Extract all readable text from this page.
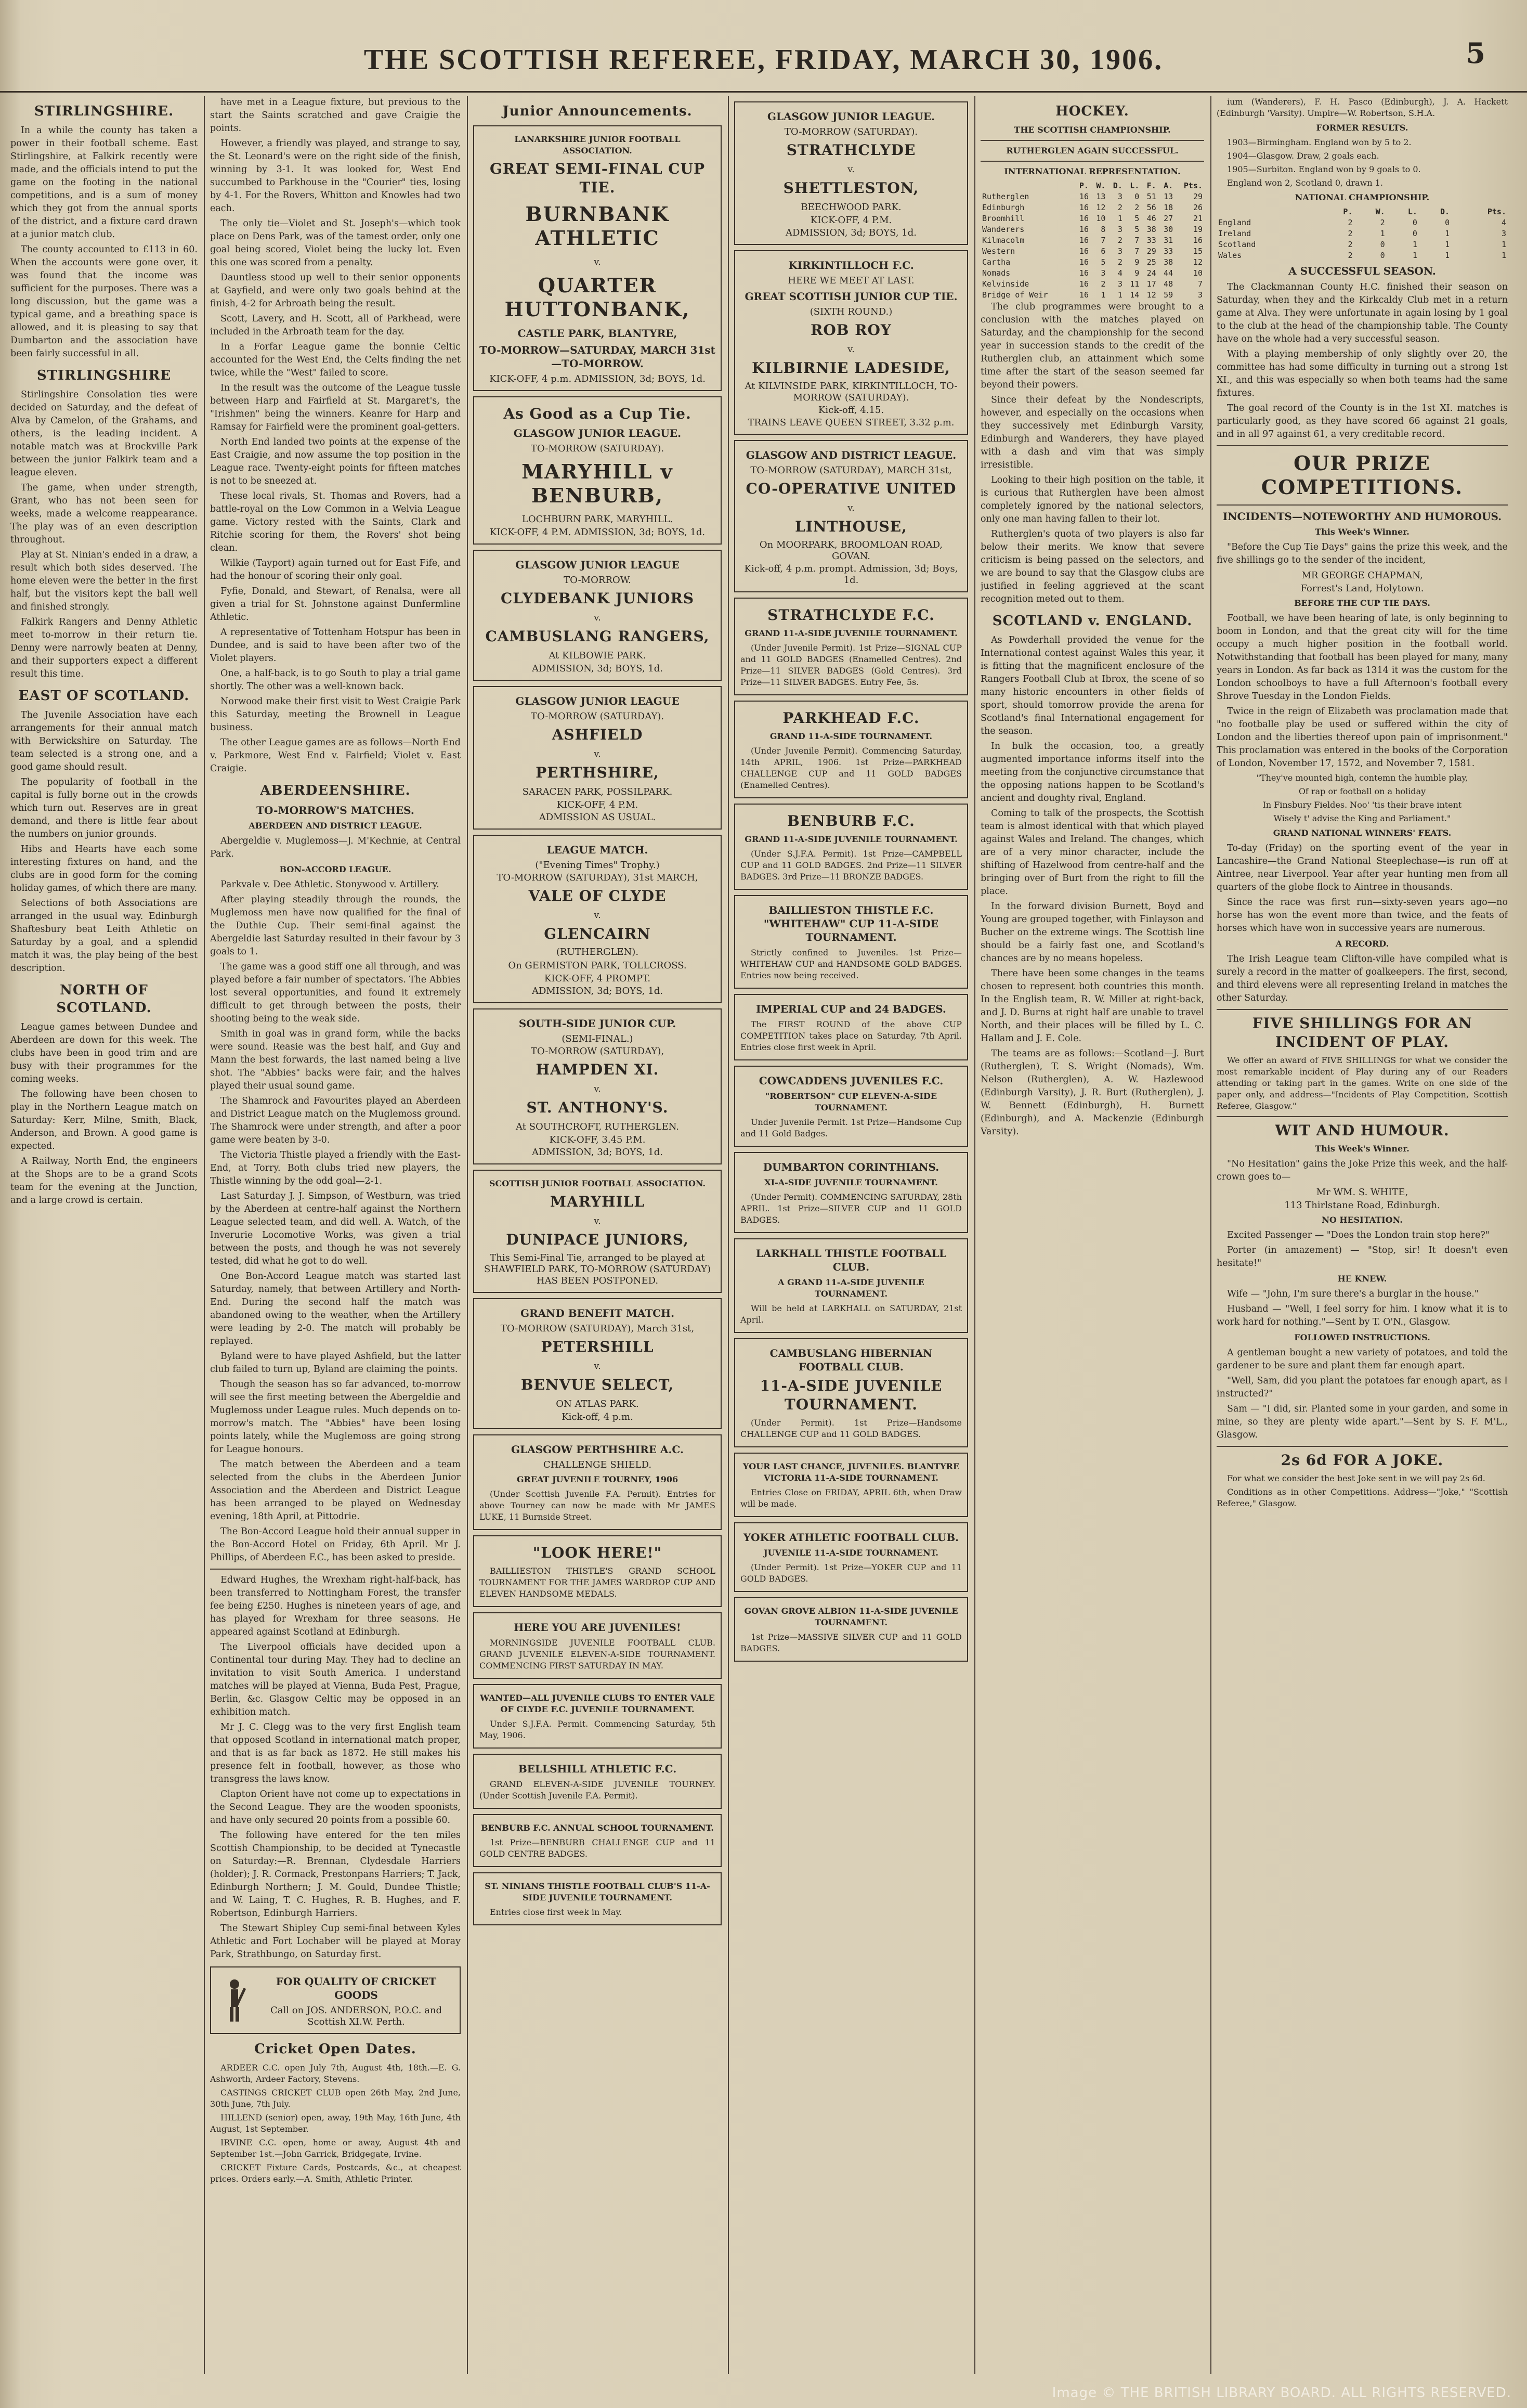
THE SCOTTISH REFEREE, FRIDAY, MARCH 30, 1906.	5
STIRLINGSHIRE.

In a while the county has taken a power in their football scheme. East Stirlingshire, at Falkirk recently were made, and the officials intend to put the game on the footing in the national competitions, and is a sum of money which they got from the annual sports of the district, and a fixture card drawn at a junior match club.

The county accounted to £113 in 60. When the accounts were gone over, it was found that the income was sufficient for the purposes. There was a long discussion, but the game was a typical game, and a breathing space is allowed, and it is pleasing to say that Dumbarton and the association have been fairly successful in all.

STIRLINGSHIRE

Stirlingshire Consolation ties were decided on Saturday, and the defeat of Alva by Camelon, of the Grahams, and others, is the leading incident. A notable match was at Brockville Park between the junior Falkirk team and a league eleven.

The game, when under strength, Grant, who has not been seen for weeks, made a welcome reappearance. The play was of an even description throughout.

Play at St. Ninian's ended in a draw, a result which both sides deserved. The home eleven were the better in the first half, but the visitors kept the ball well and finished strongly.

Falkirk Rangers and Denny Athletic meet to-morrow in their return tie. Denny were narrowly beaten at Denny, and their supporters expect a different result this time.

EAST OF SCOTLAND.

The Juvenile Association have each arrangements for their annual match with Berwickshire on Saturday. The team selected is a strong one, and a good game should result.

The popularity of football in the capital is fully borne out in the crowds which turn out. Reserves are in great demand, and there is little fear about the numbers on junior grounds.

Hibs and Hearts have each some interesting fixtures on hand, and the clubs are in good form for the coming holiday games, of which there are many.

Selections of both Associations are arranged in the usual way. Edinburgh Shaftesbury beat Leith Athletic on Saturday by a goal, and a splendid match it was, the play being of the best description.

NORTH OF SCOTLAND.

League games between Dundee and Aberdeen are down for this week. The clubs have been in good trim and are busy with their programmes for the coming weeks.

The following have been chosen to play in the Northern League match on Saturday: Kerr, Milne, Smith, Black, Anderson, and Brown. A good game is expected.

A Railway, North End, the engineers at the Shops are to be a grand Scots team for the evening at the Junction, and a large crowd is certain.

have met in a League fixture, but previous to the start the Saints scratched and gave Craigie the points.

However, a friendly was played, and strange to say, the St. Leonard's were on the right side of the finish, winning by 3-1. It was looked for, West End succumbed to Parkhouse in the "Courier" ties, losing by 4-1. For the Rovers, Whitton and Knowles had two each.

The only tie—Violet and St. Joseph's—which took place on Dens Park, was of the tamest order, only one goal being scored, Violet being the lucky lot. Even this one was scored from a penalty.

Dauntless stood up well to their senior opponents at Gayfield, and were only two goals behind at the finish, 4-2 for Arbroath being the result.

Scott, Lavery, and H. Scott, all of Parkhead, were included in the Arbroath team for the day.

In a Forfar League game the bonnie Celtic accounted for the West End, the Celts finding the net twice, while the "West" failed to score.

In the result was the outcome of the League tussle between Harp and Fairfield at St. Margaret's, the "Irishmen" being the winners. Keanre for Harp and Ramsay for Fairfield were the prominent goal-getters.

North End landed two points at the expense of the East Craigie, and now assume the top position in the League race. Twenty-eight points for fifteen matches is not to be sneezed at.

These local rivals, St. Thomas and Rovers, had a battle-royal on the Low Common in a Welvia League game. Victory rested with the Saints, Clark and Ritchie scoring for them, the Rovers' shot being clean.

Wilkie (Tayport) again turned out for East Fife, and had the honour of scoring their only goal.

Fyfie, Donald, and Stewart, of Renalsa, were all given a trial for St. Johnstone against Dunfermline Athletic.

A representative of Tottenham Hotspur has been in Dundee, and is said to have been after two of the Violet players.

One, a half-back, is to go South to play a trial game shortly. The other was a well-known back.

Norwood make their first visit to West Craigie Park this Saturday, meeting the Brownell in League business.

The other League games are as follows—North End v. Parkmore, West End v. Fairfield; Violet v. East Craigie.

ABERDEENSHIRE.
TO-MORROW'S MATCHES.
ABERDEEN AND DISTRICT LEAGUE.

Abergeldie v. Muglemoss—J. M'Kechnie, at Central Park.

BON-ACCORD LEAGUE.

Parkvale v. Dee Athletic. Stonywood v. Artillery.

After playing steadily through the rounds, the Muglemoss men have now qualified for the final of the Duthie Cup. Their semi-final against the Abergeldie last Saturday resulted in their favour by 3 goals to 1.

The game was a good stiff one all through, and was played before a fair number of spectators. The Abbies lost several opportunities, and found it extremely difficult to get through between the posts, their shooting being to the weak side.

Smith in goal was in grand form, while the backs were sound. Reasie was the best half, and Guy and Mann the best forwards, the last named being a live shot. The "Abbies" backs were fair, and the halves played their usual sound game.

The Shamrock and Favourites played an Aberdeen and District League match on the Muglemoss ground. The Shamrock were under strength, and after a poor game were beaten by 3-0.

The Victoria Thistle played a friendly with the East-End, at Torry. Both clubs tried new players, the Thistle winning by the odd goal—2-1.

Last Saturday J. J. Simpson, of Westburn, was tried by the Aberdeen at centre-half against the Northern League selected team, and did well. A. Watch, of the Inverurie Locomotive Works, was given a trial between the posts, and though he was not severely tested, did what he got to do well.

One Bon-Accord League match was started last Saturday, namely, that between Artillery and North-End. During the second half the match was abandoned owing to the weather, when the Artillery were leading by 2-0. The match will probably be replayed.

Byland were to have played Ashfield, but the latter club failed to turn up, Byland are claiming the points.

Though the season has so far advanced, to-morrow will see the first meeting between the Abergeldie and Muglemoss under League rules. Much depends on to-morrow's match. The "Abbies" have been losing points lately, while the Muglemoss are going strong for League honours.

The match between the Aberdeen and a team selected from the clubs in the Aberdeen Junior Association and the Aberdeen and District League has been arranged to be played on Wednesday evening, 18th April, at Pittodrie.

The Bon-Accord League hold their annual supper in the Bon-Accord Hotel on Friday, 6th April. Mr J. Phillips, of Aberdeen F.C., has been asked to preside.

Edward Hughes, the Wrexham right-half-back, has been transferred to Nottingham Forest, the transfer fee being £250. Hughes is nineteen years of age, and has played for Wrexham for three seasons. He appeared against Scotland at Edinburgh.

The Liverpool officials have decided upon a Continental tour during May. They had to decline an invitation to visit South America. I understand matches will be played at Vienna, Buda Pest, Prague, Berlin, &c. Glasgow Celtic may be opposed in an exhibition match.

Mr J. C. Clegg was to the very first English team that opposed Scotland in international match proper, and that is as far back as 1872. He still makes his presence felt in football, however, as those who transgress the laws know.

Clapton Orient have not come up to expectations in the Second League. They are the wooden spoonists, and have only secured 20 points from a possible 60.

The following have entered for the ten miles Scottish Championship, to be decided at Tynecastle on Saturday:—R. Brennan, Clydesdale Harriers (holder); J. R. Cormack, Prestonpans Harriers; T. Jack, Edinburgh Northern; J. M. Gould, Dundee Thistle; and W. Laing, T. C. Hughes, R. B. Hughes, and F. Robertson, Edinburgh Harriers.

The Stewart Shipley Cup semi-final between Kyles Athletic and Fort Lochaber will be played at Moray Park, Strathbungo, on Saturday first.

FOR QUALITY OF CRICKET GOODS
Call on JOS. ANDERSON, P.O.C. and Scottish XI.W. Perth.
Cricket Open Dates.

ARDEER C.C. open July 7th, August 4th, 18th.—E. G. Ashworth, Ardeer Factory, Stevens.

CASTINGS CRICKET CLUB open 26th May, 2nd June, 30th June, 7th July.

HILLEND (senior) open, away, 19th May, 16th June, 4th August, 1st September.

IRVINE C.C. open, home or away, August 4th and September 1st.—John Garrick, Bridgegate, Irvine.

CRICKET Fixture Cards, Postcards, &c., at cheapest prices. Orders early.—A. Smith, Athletic Printer.

Junior Announcements.
LANARKSHIRE JUNIOR FOOTBALL ASSOCIATION.
GREAT SEMI-FINAL CUP TIE.
BURNBANK ATHLETIC
v.
QUARTER HUTTONBANK,
CASTLE PARK, BLANTYRE,
TO-MORROW—SATURDAY, MARCH 31st—TO-MORROW.
KICK-OFF, 4 p.m. ADMISSION, 3d; BOYS, 1d.
As Good as a Cup Tie.
GLASGOW JUNIOR LEAGUE.
TO-MORROW (SATURDAY).
MARYHILL v BENBURB,
LOCHBURN PARK, MARYHILL.
KICK-OFF, 4 P.M. ADMISSION, 3d; BOYS, 1d.
GLASGOW JUNIOR LEAGUE
TO-MORROW.
CLYDEBANK JUNIORS
v.
CAMBUSLANG RANGERS,
At KILBOWIE PARK.
ADMISSION, 3d; BOYS, 1d.
GLASGOW JUNIOR LEAGUE
TO-MORROW (SATURDAY).
ASHFIELD
v.
PERTHSHIRE,
SARACEN PARK, POSSILPARK.
KICK-OFF, 4 P.M.
ADMISSION AS USUAL.
LEAGUE MATCH.
("Evening Times" Trophy.)
TO-MORROW (SATURDAY), 31st MARCH,
VALE OF CLYDE
v.
GLENCAIRN
(RUTHERGLEN).
On GERMISTON PARK, TOLLCROSS.
KICK-OFF, 4 PROMPT.
ADMISSION, 3d; BOYS, 1d.
SOUTH-SIDE JUNIOR CUP.
(SEMI-FINAL.)
TO-MORROW (SATURDAY),
HAMPDEN XI.
v.
ST. ANTHONY'S.
At SOUTHCROFT, RUTHERGLEN.
KICK-OFF, 3.45 P.M.
ADMISSION, 3d; BOYS, 1d.
SCOTTISH JUNIOR FOOTBALL ASSOCIATION.
MARYHILL
v.
DUNIPACE JUNIORS,
This Semi-Final Tie, arranged to be played at SHAWFIELD PARK, TO-MORROW (SATURDAY) HAS BEEN POSTPONED.
GRAND BENEFIT MATCH.
TO-MORROW (SATURDAY), March 31st,
PETERSHILL
v.
BENVUE SELECT,
ON ATLAS PARK.
Kick-off, 4 p.m.
GLASGOW PERTHSHIRE A.C.
CHALLENGE SHIELD.
GREAT JUVENILE TOURNEY, 1906

(Under Scottish Juvenile F.A. Permit). Entries for above Tourney can now be made with Mr JAMES LUKE, 11 Burnside Street.

"LOOK HERE!"

BAILLIESTON THISTLE'S GRAND SCHOOL TOURNAMENT FOR THE JAMES WARDROP CUP AND ELEVEN HANDSOME MEDALS.

HERE YOU ARE JUVENILES!

MORNINGSIDE JUVENILE FOOTBALL CLUB. GRAND JUVENILE ELEVEN-A-SIDE TOURNAMENT. COMMENCING FIRST SATURDAY IN MAY.

WANTED—ALL JUVENILE CLUBS TO ENTER VALE OF CLYDE F.C. JUVENILE TOURNAMENT.

Under S.J.F.A. Permit. Commencing Saturday, 5th May, 1906.

BELLSHILL ATHLETIC F.C.

GRAND ELEVEN-A-SIDE JUVENILE TOURNEY. (Under Scottish Juvenile F.A. Permit).

BENBURB F.C. ANNUAL SCHOOL TOURNAMENT.

1st Prize—BENBURB CHALLENGE CUP and 11 GOLD CENTRE BADGES.

ST. NINIANS THISTLE FOOTBALL CLUB'S 11-A-SIDE JUVENILE TOURNAMENT.

Entries close first week in May.

GLASGOW JUNIOR LEAGUE.
TO-MORROW (SATURDAY).
STRATHCLYDE
v.
SHETTLESTON,
BEECHWOOD PARK.
KICK-OFF, 4 P.M.
ADMISSION, 3d; BOYS, 1d.
KIRKINTILLOCH F.C.
HERE WE MEET AT LAST.
GREAT SCOTTISH JUNIOR CUP TIE.
(SIXTH ROUND.)
ROB ROY
v.
KILBIRNIE LADESIDE,
At KILVINSIDE PARK, KIRKINTILLOCH, TO-MORROW (SATURDAY).
Kick-off, 4.15.
TRAINS LEAVE QUEEN STREET, 3.32 p.m.
GLASGOW AND DISTRICT LEAGUE.
TO-MORROW (SATURDAY), MARCH 31st,
CO-OPERATIVE UNITED
v.
LINTHOUSE,
On MOORPARK, BROOMLOAN ROAD, GOVAN.
Kick-off, 4 p.m. prompt. Admission, 3d; Boys, 1d.
STRATHCLYDE F.C.
GRAND 11-A-SIDE JUVENILE TOURNAMENT.

(Under Juvenile Permit). 1st Prize—SIGNAL CUP and 11 GOLD BADGES (Enamelled Centres). 2nd Prize—11 SILVER BADGES (Gold Centres). 3rd Prize—11 SILVER BADGES. Entry Fee, 5s.

PARKHEAD F.C.
GRAND 11-A-SIDE TOURNAMENT.

(Under Juvenile Permit). Commencing Saturday, 14th APRIL, 1906. 1st Prize—PARKHEAD CHALLENGE CUP and 11 GOLD BADGES (Enamelled Centres).

BENBURB F.C.
GRAND 11-A-SIDE JUVENILE TOURNAMENT.

(Under S.J.F.A. Permit). 1st Prize—CAMPBELL CUP and 11 GOLD BADGES. 2nd Prize—11 SILVER BADGES. 3rd Prize—11 BRONZE BADGES.

BAILLIESTON THISTLE F.C. "WHITEHAW" CUP 11-A-SIDE TOURNAMENT.

Strictly confined to Juveniles. 1st Prize—WHITEHAW CUP and HANDSOME GOLD BADGES. Entries now being received.

IMPERIAL CUP and 24 BADGES.

The FIRST ROUND of the above CUP COMPETITION takes place on Saturday, 7th April. Entries close first week in April.

COWCADDENS JUVENILES F.C.
"ROBERTSON" CUP ELEVEN-A-SIDE TOURNAMENT.

Under Juvenile Permit. 1st Prize—Handsome Cup and 11 Gold Badges.

DUMBARTON CORINTHIANS.
XI-A-SIDE JUVENILE TOURNAMENT.

(Under Permit). COMMENCING SATURDAY, 28th APRIL. 1st Prize—SILVER CUP and 11 GOLD BADGES.

LARKHALL THISTLE FOOTBALL CLUB.
A GRAND 11-A-SIDE JUVENILE TOURNAMENT.

Will be held at LARKHALL on SATURDAY, 21st April.

CAMBUSLANG HIBERNIAN FOOTBALL CLUB.
11-A-SIDE JUVENILE TOURNAMENT.

(Under Permit). 1st Prize—Handsome CHALLENGE CUP and 11 GOLD BADGES.

YOUR LAST CHANCE, JUVENILES. BLANTYRE VICTORIA 11-A-SIDE TOURNAMENT.

Entries Close on FRIDAY, APRIL 6th, when Draw will be made.

YOKER ATHLETIC FOOTBALL CLUB.
JUVENILE 11-A-SIDE TOURNAMENT.

(Under Permit). 1st Prize—YOKER CUP and 11 GOLD BADGES.

GOVAN GROVE ALBION 11-A-SIDE JUVENILE TOURNAMENT.

1st Prize—MASSIVE SILVER CUP and 11 GOLD BADGES.

HOCKEY.
THE SCOTTISH CHAMPIONSHIP.
RUTHERGLEN AGAIN SUCCESSFUL.
INTERNATIONAL REPRESENTATION.
	P.	W.	D.	L.	F.	A.	Pts.
Rutherglen	16	13	3	0	51	13	29
Edinburgh	16	12	2	2	56	18	26
Broomhill	16	10	1	5	46	27	21
Wanderers	16	8	3	5	38	30	19
Kilmacolm	16	7	2	7	33	31	16
Western	16	6	3	7	29	33	15
Cartha	16	5	2	9	25	38	12
Nomads	16	3	4	9	24	44	10
Kelvinside	16	2	3	11	17	48	7
Bridge of Weir	16	1	1	14	12	59	3

The club programmes were brought to a conclusion with the matches played on Saturday, and the championship for the second year in succession stands to the credit of the Rutherglen club, an attainment which some time after the start of the season seemed far beyond their powers.

Since their defeat by the Nondescripts, however, and especially on the occasions when they successively met Edinburgh Varsity, Edinburgh and Wanderers, they have played with a dash and vim that was simply irresistible.

Looking to their high position on the table, it is curious that Rutherglen have been almost completely ignored by the national selectors, only one man having fallen to their lot.

Rutherglen's quota of two players is also far below their merits. We know that severe criticism is being passed on the selectors, and we are bound to say that the Glasgow clubs are justified in feeling aggrieved at the scant recognition meted out to them.

SCOTLAND v. ENGLAND.

As Powderhall provided the venue for the International contest against Wales this year, it is fitting that the magnificent enclosure of the Rangers Football Club at Ibrox, the scene of so many historic encounters in other fields of sport, should tomorrow provide the arena for Scotland's final International engagement for the season.

In bulk the occasion, too, a greatly augmented importance informs itself into the meeting from the conjunctive circumstance that the opposing nations happen to be Scotland's ancient and doughty rival, England.

Coming to talk of the prospects, the Scottish team is almost identical with that which played against Wales and Ireland. The changes, which are of a very minor character, include the shifting of Hazelwood from centre-half and the bringing over of Burt from the right to fill the place.

In the forward division Burnett, Boyd and Young are grouped together, with Finlayson and Bucher on the extreme wings. The Scottish line should be a fairly fast one, and Scotland's chances are by no means hopeless.

There have been some changes in the teams chosen to represent both countries this month. In the English team, R. W. Miller at right-back, and J. D. Burns at right half are unable to travel North, and their places will be filled by L. C. Hallam and J. E. Cole.

The teams are as follows:—Scotland—J. Burt (Rutherglen), T. S. Wright (Nomads), Wm. Nelson (Rutherglen), A. W. Hazlewood (Edinburgh Varsity), J. R. Burt (Rutherglen), J. W. Bennett (Edinburgh), H. Burnett (Edinburgh), and A. Mackenzie (Edinburgh Varsity).

ium (Wanderers), F. H. Pasco (Edinburgh), J. A. Hackett (Edinburgh 'Varsity). Umpire—W. Robertson, S.H.A.

FORMER RESULTS.

1903—Birmingham. England won by 5 to 2.

1904—Glasgow. Draw, 2 goals each.

1905—Surbiton. England won by 9 goals to 0.

England won 2, Scotland 0, drawn 1.

NATIONAL CHAMPIONSHIP.
	P.	W.	L.	D.	Pts.
England	2	2	0	0	4
Ireland	2	1	0	1	3
Scotland	2	0	1	1	1
Wales	2	0	1	1	1
A SUCCESSFUL SEASON.

The Clackmannan County H.C. finished their season on Saturday, when they and the Kirkcaldy Club met in a return game at Alva. They were unfortunate in again losing by 1 goal to the club at the head of the championship table. The County have on the whole had a very successful season.

With a playing membership of only slightly over 20, the committee has had some difficulty in turning out a strong 1st XI., and this was especially so when both teams had the same fixtures.

The goal record of the County is in the 1st XI. matches is particularly good, as they have scored 66 against 21 goals, and in all 97 against 61, a very creditable record.

OUR PRIZE COMPETITIONS.
INCIDENTS—NOTEWORTHY AND HUMOROUS.
This Week's Winner.

"Before the Cup Tie Days" gains the prize this week, and the five shillings go to the sender of the incident,

MR GEORGE CHAPMAN,
Forrest's Land, Holytown.
BEFORE THE CUP TIE DAYS.

Football, we have been hearing of late, is only beginning to boom in London, and that the great city will for the time occupy a much higher position in the football world. Notwithstanding that football has been played for many, many years in London. As far back as 1314 it was the custom for the London schoolboys to have a full Afternoon's football every Shrove Tuesday in the London Fields.

Twice in the reign of Elizabeth was proclamation made that "no footballe play be used or suffered within the city of London and the liberties thereof upon pain of imprisonment." This proclamation was entered in the books of the Corporation of London, November 17, 1572, and November 7, 1581.

"They've mounted high, contemn the humble play,

Of rap or football on a holiday

In Finsbury Fieldes. Noo' 'tis their brave intent

Wisely t' advise the King and Parliament."

GRAND NATIONAL WINNERS' FEATS.

To-day (Friday) on the sporting event of the year in Lancashire—the Grand National Steeplechase—is run off at Aintree, near Liverpool. Year after year hunting men from all quarters of the globe flock to Aintree in thousands.

Since the race was first run—sixty-seven years ago—no horse has won the event more than twice, and the feats of horses which have won in successive years are numerous.

A RECORD.

The Irish League team Clifton-ville have compiled what is surely a record in the matter of goalkeepers. The first, second, and third elevens were all representing Ireland in matches the other Saturday.

FIVE SHILLINGS FOR AN INCIDENT OF PLAY.

We offer an award of FIVE SHILLINGS for what we consider the most remarkable incident of Play during any of our Readers attending or taking part in the games. Write on one side of the paper only, and address—"Incidents of Play Competition, Scottish Referee, Glasgow."

WIT AND HUMOUR.
This Week's Winner.

"No Hesitation" gains the Joke Prize this week, and the half-crown goes to—

Mr WM. S. WHITE,
113 Thirlstane Road, Edinburgh.
NO HESITATION.

Excited Passenger — "Does the London train stop here?"

Porter (in amazement) — "Stop, sir! It doesn't even hesitate!"

HE KNEW.

Wife — "John, I'm sure there's a burglar in the house."

Husband — "Well, I feel sorry for him. I know what it is to work hard for nothing."—Sent by T. O'N., Glasgow.

FOLLOWED INSTRUCTIONS.

A gentleman bought a new variety of potatoes, and told the gardener to be sure and plant them far enough apart.

"Well, Sam, did you plant the potatoes far enough apart, as I instructed?"

Sam — "I did, sir. Planted some in your garden, and some in mine, so they are plenty wide apart."—Sent by S. F. M'L., Glasgow.

2s 6d FOR A JOKE.

For what we consider the best Joke sent in we will pay 2s 6d.

Conditions as in other Competitions. Address—"Joke," "Scottish Referee," Glasgow.

Image © THE BRITISH LIBRARY BOARD. ALL RIGHTS RESERVED.
